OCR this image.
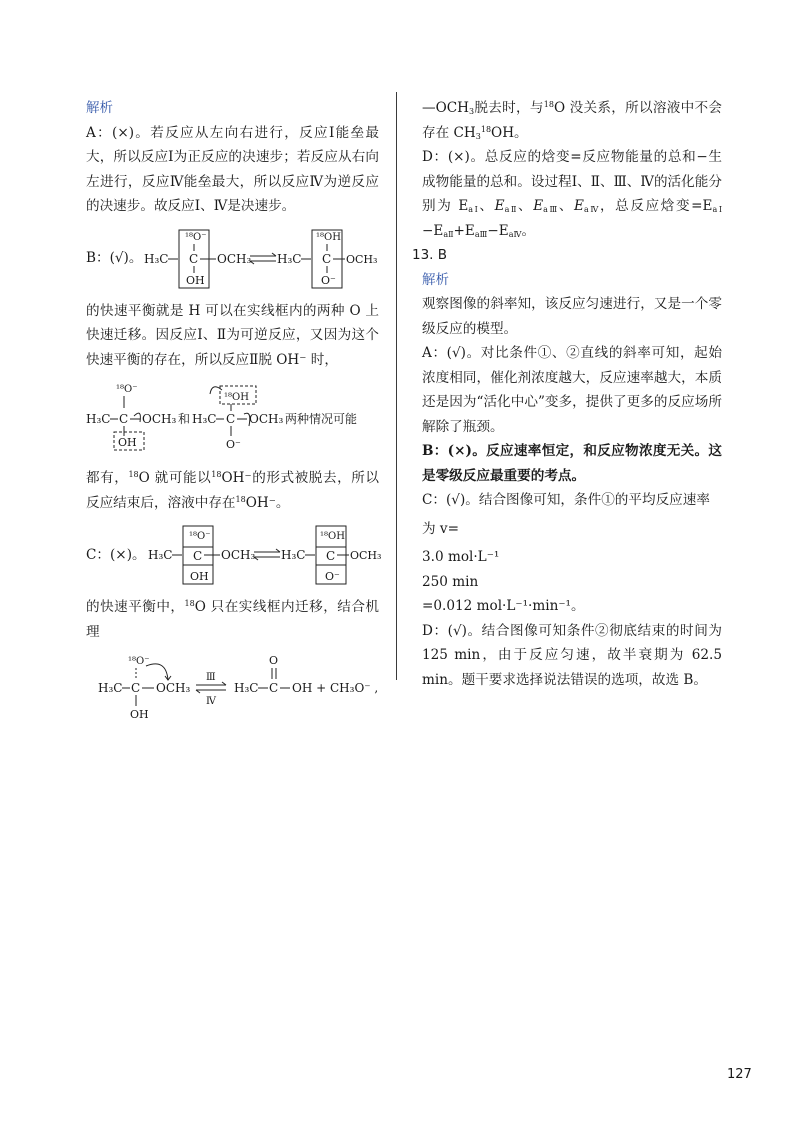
解析

A：(×)。若反应从左向右进行，反应Ⅰ能垒最大，所以反应Ⅰ为正反应的决速步；若反应从右向左进行，反应Ⅳ能垒最大，所以反应Ⅳ为逆反应的决速步。故反应Ⅰ、Ⅳ是决速步。

B：(√)。 H₃C
¹⁸O⁻
C
OH
OCH₃ H₃C
¹⁸OH
C
O⁻
OCH₃

的快速平衡就是 H 可以在实线框内的两种 O 上快速迁移。因反应Ⅰ、Ⅱ为可逆反应，又因为这个快速平衡的存在，所以反应Ⅱ脱 OH⁻ 时，

¹⁸O⁻
H₃C C
OH
OCH₃ 和 H₃C
¹⁸OH
C
O⁻
OCH₃ 两种情况可能

都有，$^{18}$O 就可能以$^{18}$OH⁻的形式被脱去，所以反应结束后，溶液中存在$^{18}$OH⁻。

C：(×)。 H₃C
¹⁸O⁻
C
OH
OCH₃ H₃C
¹⁸OH
C
O⁻
OCH₃

的快速平衡中，$^{18}$O 只在实线框内迁移，结合机理

¹⁸O⁻
H₃C C
OH
OCH₃
Ⅲ
Ⅳ
H₃C
O
C OH + CH₃O⁻ ,

$—OCH_3$脱去时，与$^{18}$O 没关系，所以溶液中不会存在 $CH_3^{18}OH$。

D：(×)。总反应的焓变=反应物能量的总和−生成物能量的总和。设过程Ⅰ、Ⅱ、Ⅲ、Ⅳ的活化能分别为 $E_{aⅠ}$、$E_{aⅡ}$、$E_{aⅢ}$、$E_{aⅣ}$，总反应焓变$=E_{aⅠ} -E_{aⅡ}+E_{aⅢ}-E_{aⅣ}$。

13. B
解析

观察图像的斜率知，该反应匀速进行，又是一个零级反应的模型。

A：(√)。对比条件①、②直线的斜率可知，起始浓度相同，催化剂浓度越大，反应速率越大，本质还是因为“活化中心”变多，提供了更多的反应场所解除了瓶颈。

B：(×)。反应速率恒定，和反应物浓度无关。这是零级反应最重要的考点。

C：(√)。结合图像可知，条件①的平均反应速率

为 v=

3.0 mol·L⁻¹
250 min
=0.012 mol·L⁻¹·min⁻¹。

D：(√)。结合图像可知条件②彻底结束的时间为 125 min，由于反应匀速，故半衰期为 62.5 min。题干要求选择说法错误的选项，故选 B。

127
